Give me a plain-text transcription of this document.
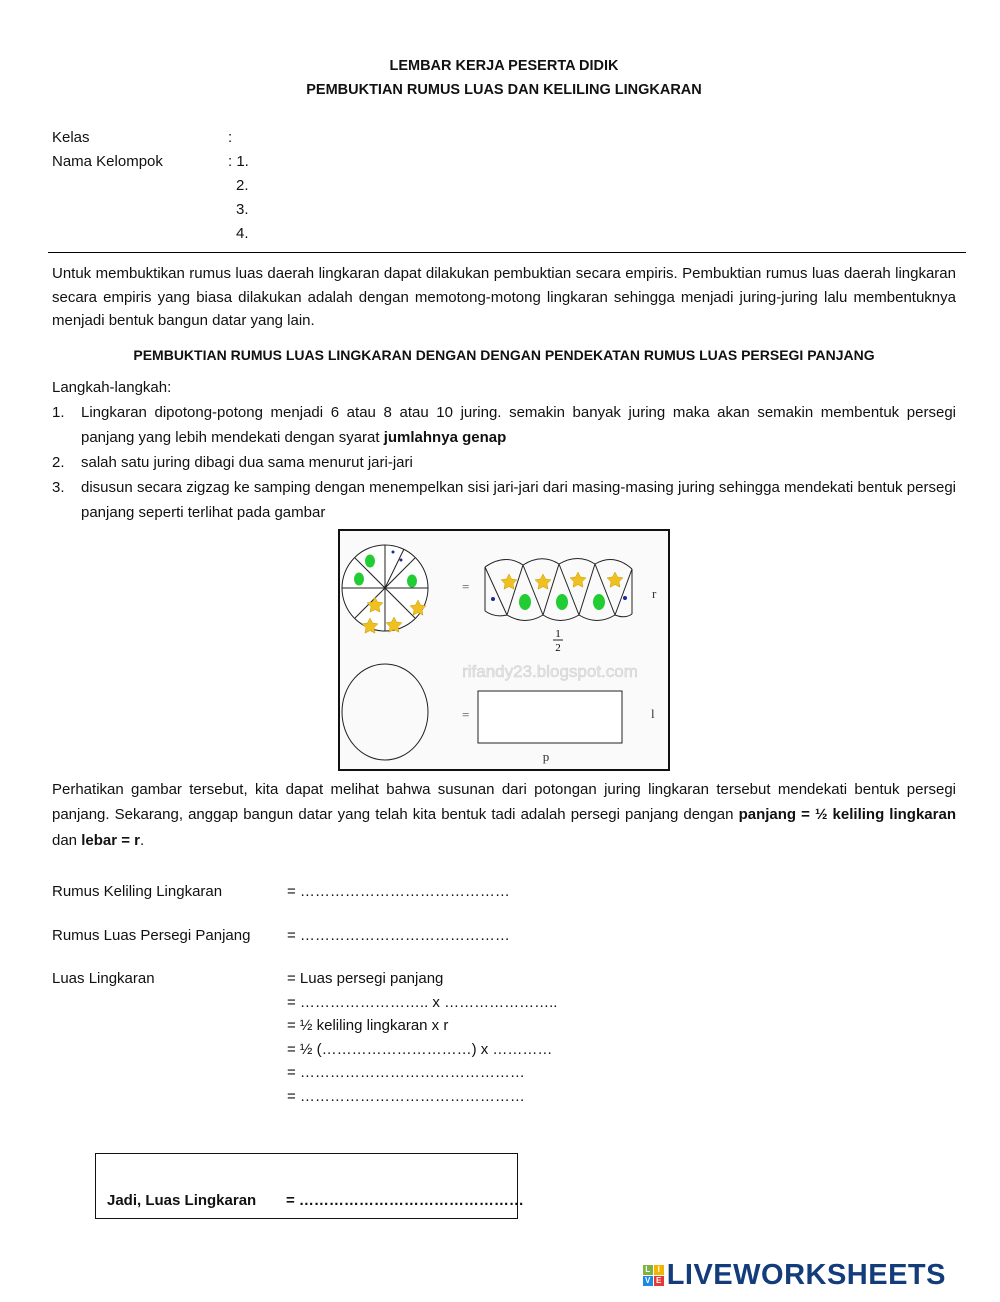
LEMBAR KERJA PESERTA DIDIK
PEMBUKTIAN RUMUS LUAS DAN KELILING LINGKARAN
Kelas	:
Nama Kelompok	: 1.
2.
3.
4.
Untuk membuktikan rumus luas daerah lingkaran dapat dilakukan pembuktian secara empiris. Pembuktian rumus luas daerah lingkaran secara empiris yang biasa dilakukan adalah dengan memotong-motong lingkaran sehingga menjadi juring-juring lalu membentuknya menjadi bentuk bangun datar yang lain.
PEMBUKTIAN RUMUS LUAS LINGKARAN DENGAN DENGAN PENDEKATAN RUMUS LUAS PERSEGI PANJANG
Langkah-langkah:
1. Lingkaran dipotong-potong menjadi 6 atau 8 atau 10 juring. semakin banyak juring maka akan semakin membentuk persegi panjang yang lebih mendekati dengan syarat jumlahnya genap
2. salah satu juring dibagi dua sama menurut jari-jari
3. disusun secara zigzag ke samping dengan menempelkan sisi jari-jari dari masing-masing juring sehingga mendekati bentuk persegi panjang seperti terlihat pada gambar
=	r
1
2
rifandy23.blogspot.com
=	l
p
Perhatikan gambar tersebut, kita dapat melihat bahwa susunan dari potongan juring lingkaran tersebut mendekati bentuk persegi panjang. Sekarang, anggap bangun datar yang telah kita bentuk tadi adalah persegi panjang dengan panjang = ½ keliling lingkaran dan lebar = r.
Rumus Keliling Lingkaran	= ……………………………………
Rumus Luas Persegi Panjang	= ……………………………………
Luas Lingkaran	= Luas persegi panjang
= …………………….. x …………………..
= ½ keliling lingkaran x r
= ½ (…………………………) x …………
= ………………………………………
= ………………………………………
Jadi, Luas Lingkaran = ………………………………………
L I
V E LIVEWORKSHEETS
